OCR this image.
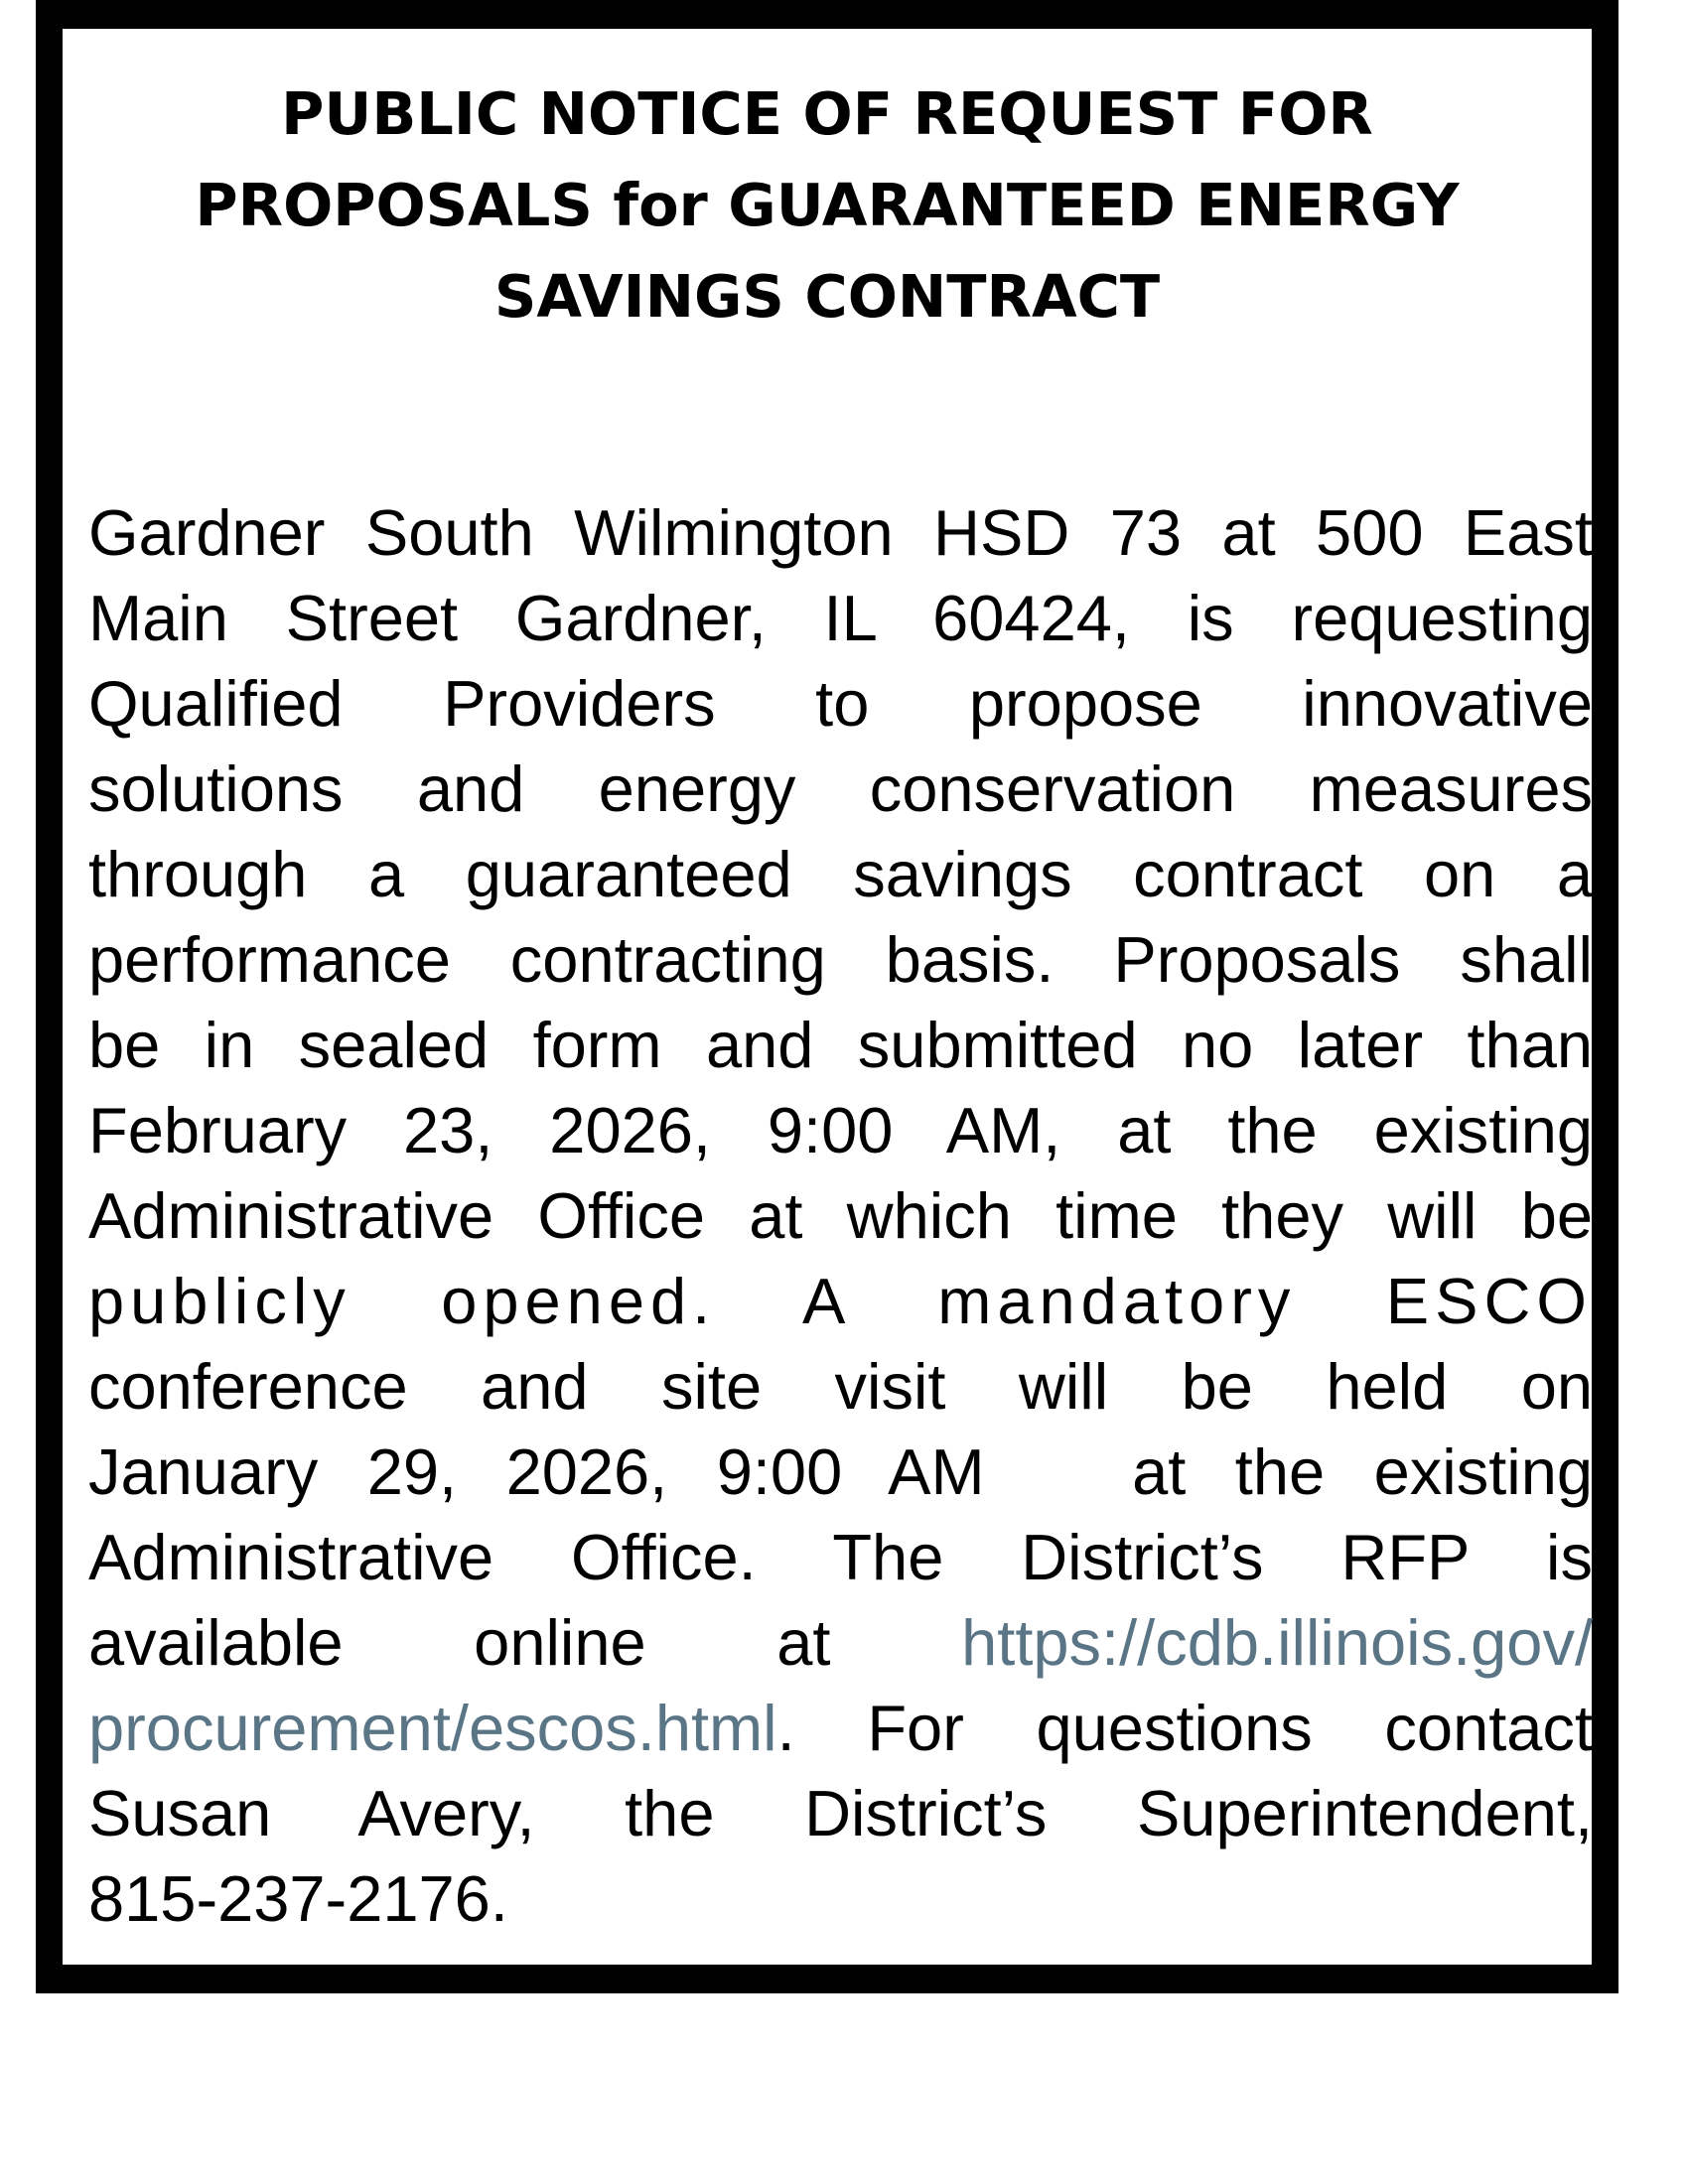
PUBLIC NOTICE OF REQUEST FOR
PROPOSALS for GUARANTEED ENERGY
SAVINGS CONTRACT
Gardner South Wilmington HSD 73 at 500 East
Main Street Gardner, IL 60424, is requesting
Qualified Providers to propose innovative
solutions and energy conservation measures
through a guaranteed savings contract on a
performance contracting basis. Proposals shall
be in sealed form and submitted no later than
February 23, 2026, 9:00 AM, at the existing
Administrative Office at which time they will be
publicly opened. A mandatory ESCO
conference and site visit will be held on
January 29, 2026, 9:00 AM   at the existing
Administrative Office. The District’s RFP is
available online at https://cdb.illinois.gov/
procurement/escos.html. For questions contact
Susan Avery, the District’s Superintendent,
815-237-2176.
